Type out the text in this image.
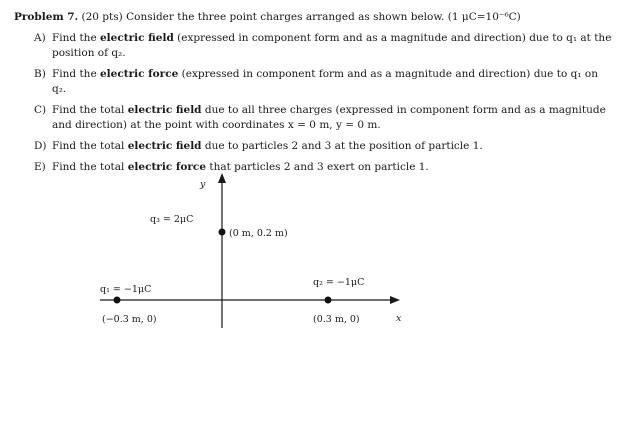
Problem 7. (20 pts) Consider the three point charges arranged as shown below. (1 μC=10⁻⁶C)

A) Find the electric field (expressed in component form and as a magnitude and direction) due to q₁ at the position of q₂.
B) Find the electric force (expressed in component form and as a magnitude and direction) due to q₁ on q₂.
C) Find the total electric field due to all three charges (expressed in component form and as a magnitude and direction) at the point with coordinates x = 0 m, y = 0 m.
D) Find the total electric field due to particles 2 and 3 at the position of particle 1.
E) Find the total electric force that particles 2 and 3 exert on particle 1.
x
y
q₁ = −1μC
(−0.3 m, 0)
q₂ = −1μC
(0.3 m, 0)
q₃ = 2μC
(0 m, 0.2 m)
